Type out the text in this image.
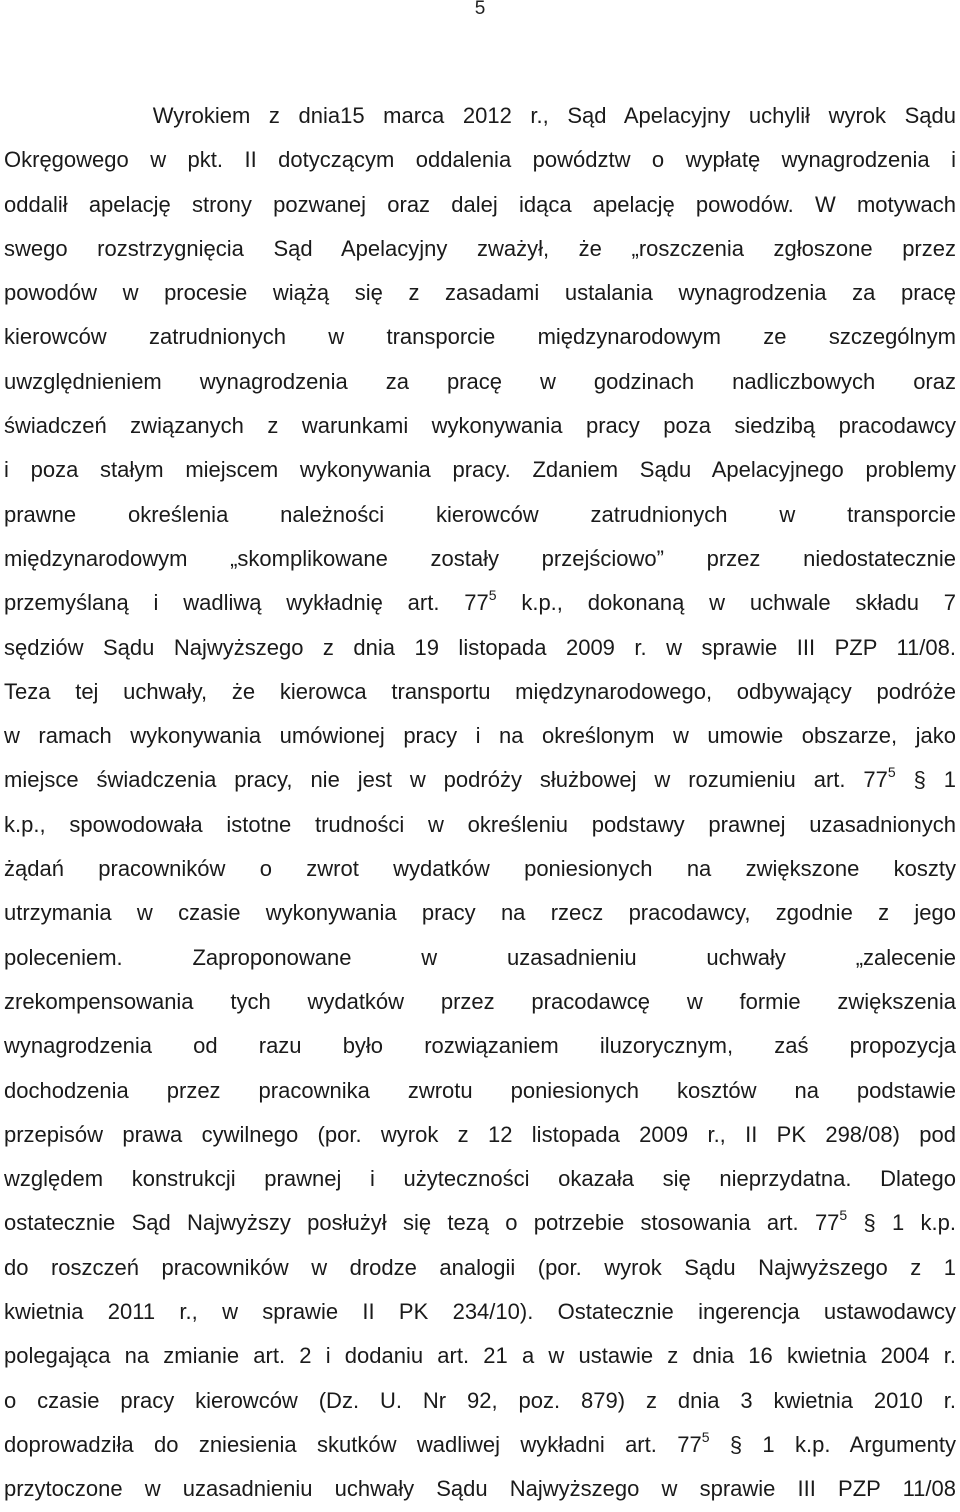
5
Wyrokiem z dnia15 marca 2012 r., Sąd Apelacyjny uchylił wyrok Sądu
Okręgowego w pkt. II dotyczącym oddalenia powództw o wypłatę wynagrodzenia i
oddalił apelację strony pozwanej oraz dalej idąca apelację powodów. W motywach
swego rozstrzygnięcia Sąd Apelacyjny zważył, że „roszczenia zgłoszone przez
powodów w procesie wiążą się z zasadami ustalania wynagrodzenia za pracę
kierowców zatrudnionych w transporcie międzynarodowym ze szczególnym
uwzględnieniem wynagrodzenia za pracę w godzinach nadliczbowych oraz
świadczeń związanych z warunkami wykonywania pracy poza siedzibą pracodawcy
i poza stałym miejscem wykonywania pracy. Zdaniem Sądu Apelacyjnego problemy
prawne określenia należności kierowców zatrudnionych w transporcie
międzynarodowym „skomplikowane zostały przejściowo” przez niedostatecznie
przemyślaną i wadliwą wykładnię art. $77^5$ k.p., dokonaną w uchwale składu 7
sędziów Sądu Najwyższego z dnia 19 listopada 2009 r. w sprawie III PZP 11/08.
Teza tej uchwały, że kierowca transportu międzynarodowego, odbywający podróże
w ramach wykonywania umówionej pracy i na określonym w umowie obszarze, jako
miejsce świadczenia pracy, nie jest w podróży służbowej w rozumieniu art. $77^5$ § 1
k.p., spowodowała istotne trudności w określeniu podstawy prawnej uzasadnionych
żądań pracowników o zwrot wydatków poniesionych na zwiększone koszty
utrzymania w czasie wykonywania pracy na rzecz pracodawcy, zgodnie z jego
poleceniem. Zaproponowane w uzasadnieniu uchwały „zalecenie
zrekompensowania tych wydatków przez pracodawcę w formie zwiększenia
wynagrodzenia od razu było rozwiązaniem iluzorycznym, zaś propozycja
dochodzenia przez pracownika zwrotu poniesionych kosztów na podstawie
przepisów prawa cywilnego (por. wyrok z 12 listopada 2009 r., II PK 298/08) pod
względem konstrukcji prawnej i użyteczności okazała się nieprzydatna. Dlatego
ostatecznie Sąd Najwyższy posłużył się tezą o potrzebie stosowania art. $77^5$ § 1 k.p.
do roszczeń pracowników w drodze analogii (por. wyrok Sądu Najwyższego z 1
kwietnia 2011 r., w sprawie II PK 234/10). Ostatecznie ingerencja ustawodawcy
polegająca na zmianie art. 2 i dodaniu art. 21 a w ustawie z dnia 16 kwietnia 2004 r.
o czasie pracy kierowców (Dz. U. Nr 92, poz. 879) z dnia 3 kwietnia 2010 r.
doprowadziła do zniesienia skutków wadliwej wykładni art. $77^5$ § 1 k.p. Argumenty
przytoczone w uzasadnieniu uchwały Sądu Najwyższego w sprawie III PZP 11/08
